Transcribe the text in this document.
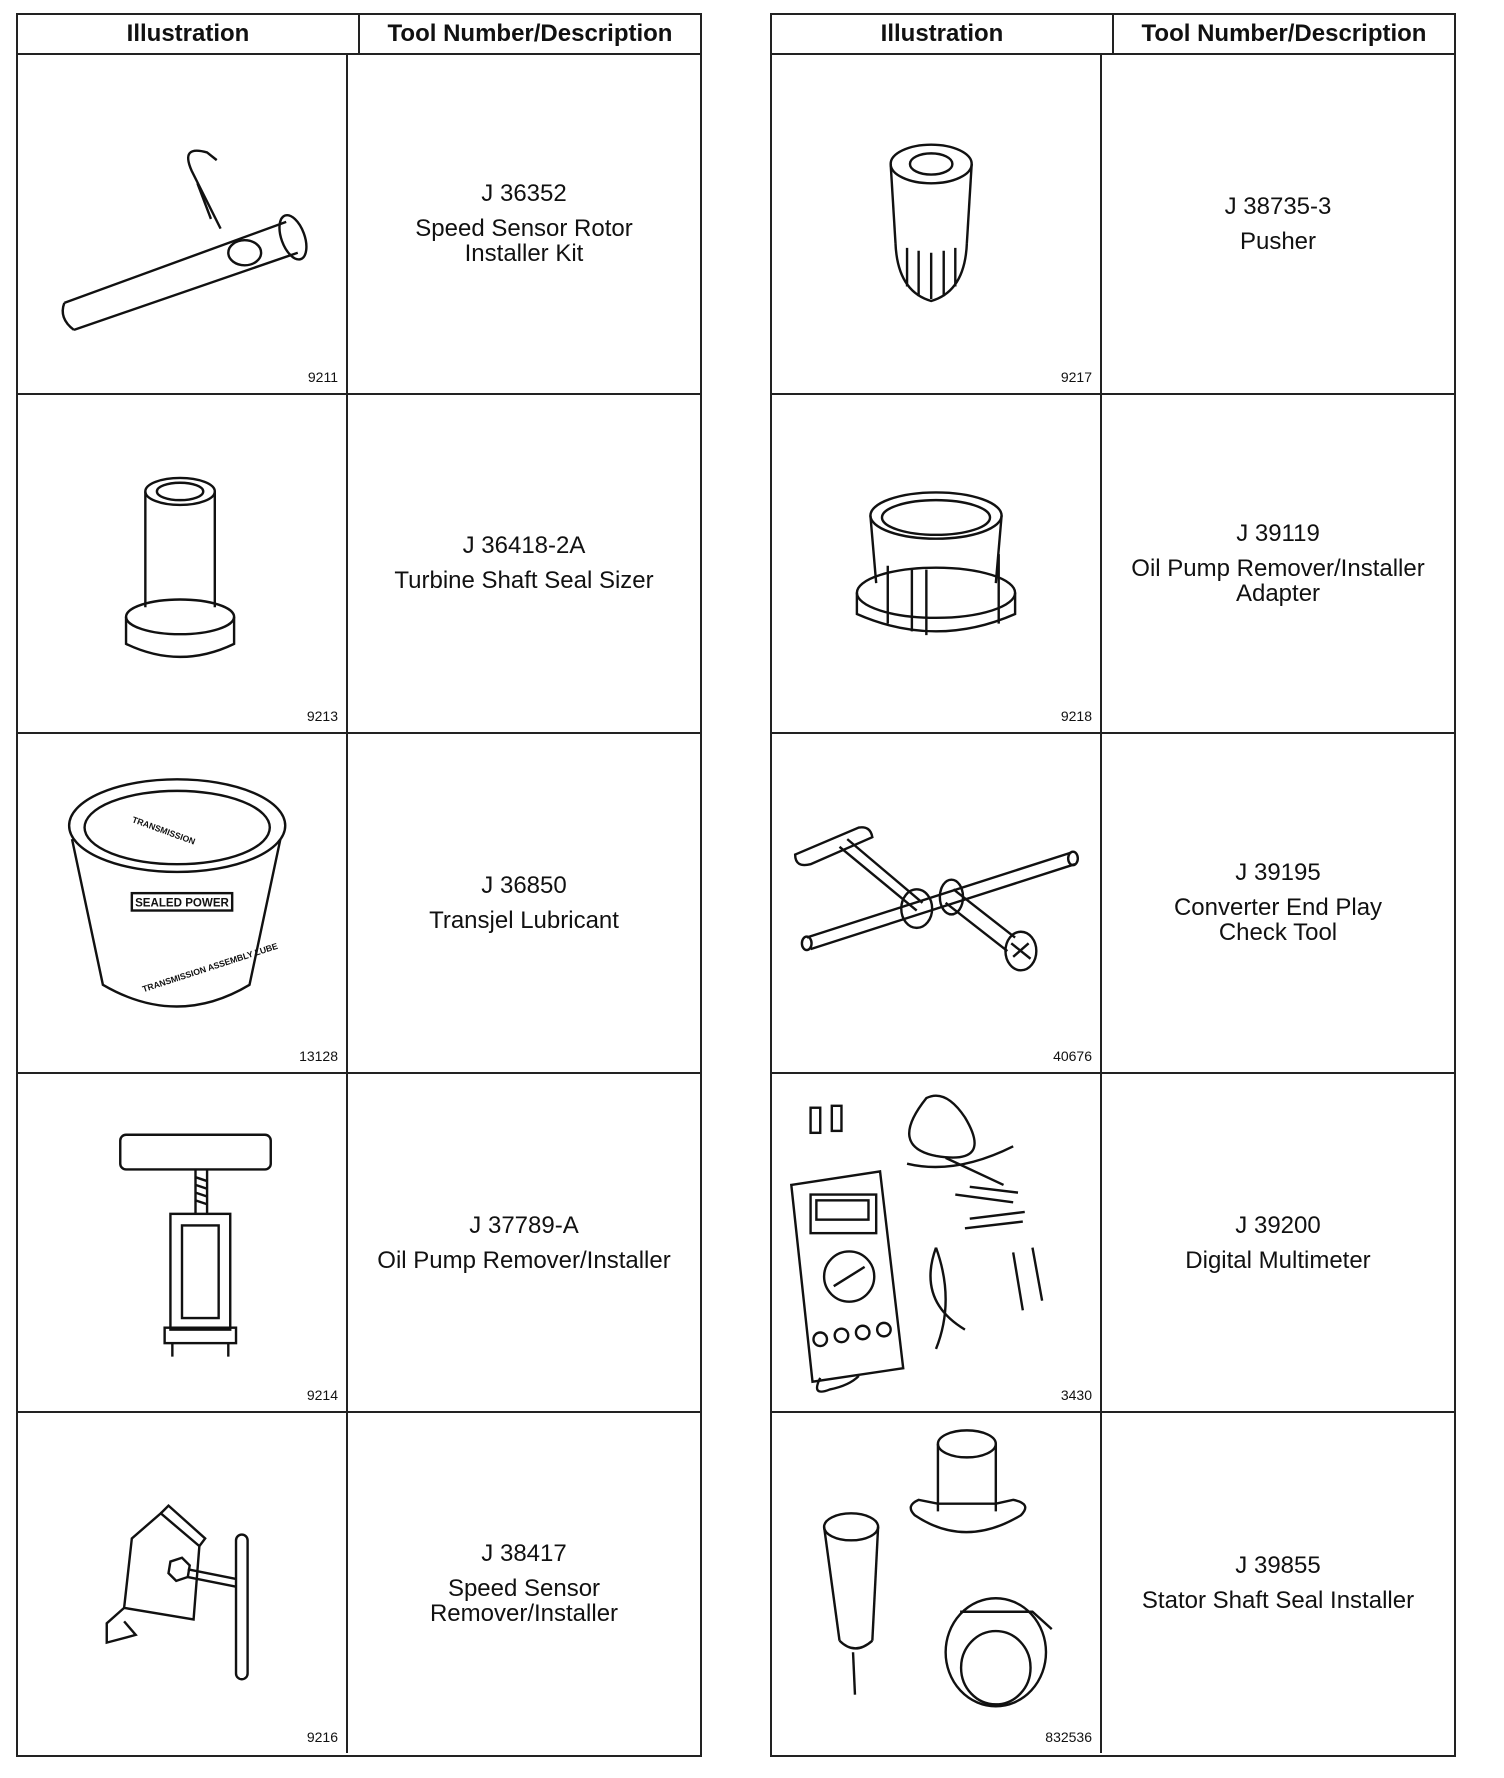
Illustration	Tool Number/Description
9211
J 36352
Speed Sensor Rotor
Installer Kit
9213
J 36418-2A
Turbine Shaft Seal Sizer
SEALED POWER
TRANSMISSION
TRANSMISSION ASSEMBLY LUBE
13128
J 36850
Transjel Lubricant
9214
J 37789-A
Oil Pump Remover/Installer
9216
J 38417
Speed Sensor
Remover/Installer
Illustration	Tool Number/Description
9217
J 38735-3
Pusher
9218
J 39119
Oil Pump Remover/Installer
Adapter
40676
J 39195
Converter End Play
Check Tool
3430
J 39200
Digital Multimeter
832536
J 39855
Stator Shaft Seal Installer
